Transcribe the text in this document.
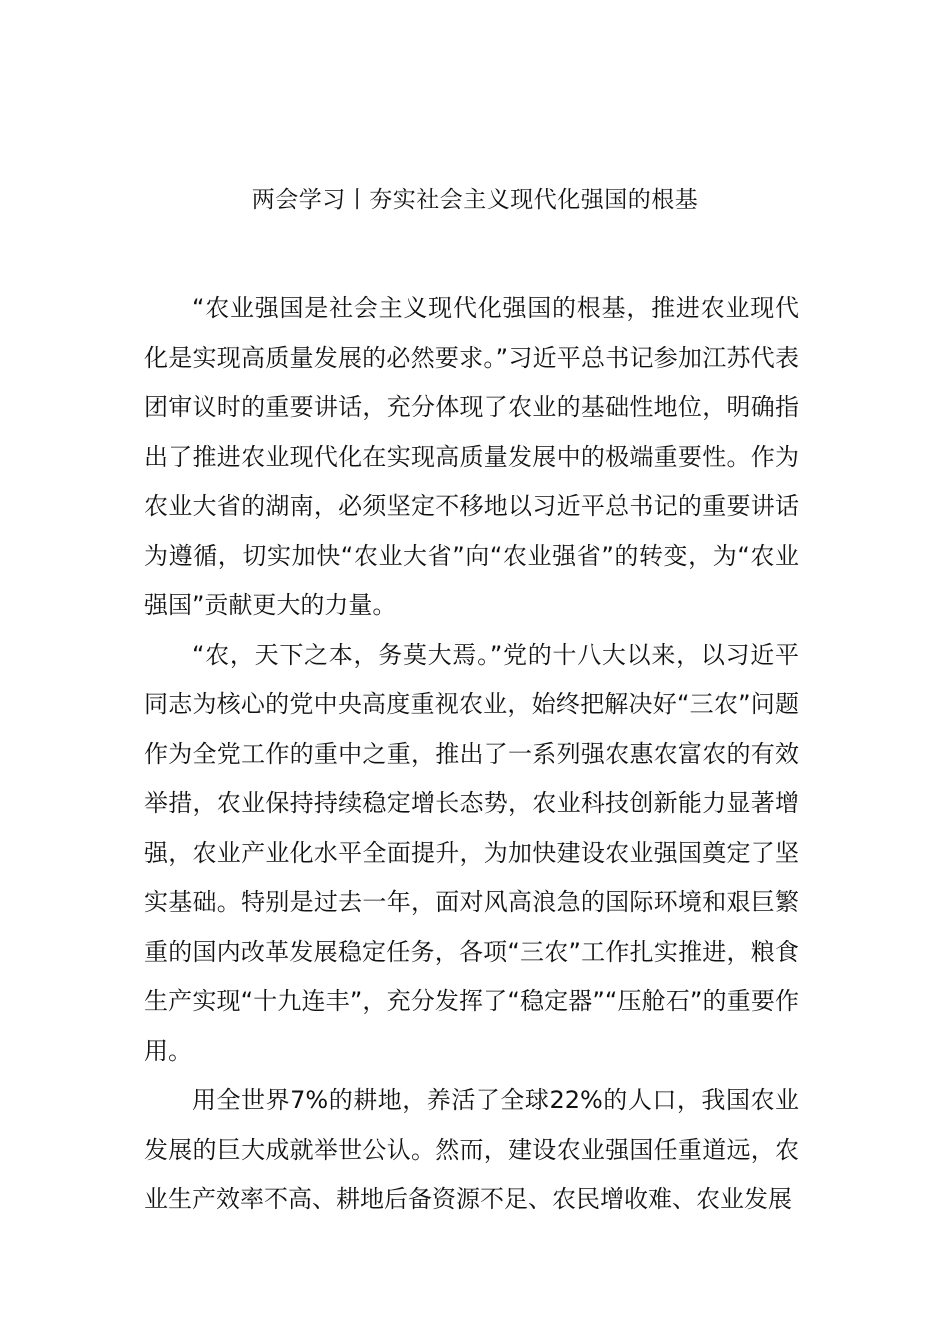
两会学习丨夯实社会主义现代化强国的根基

“农业强国是社会主义现代化强国的根基，推进农业现代化是实现高质量发展的必然要求。”习近平总书记参加江苏代表团审议时的重要讲话，充分体现了农业的基础性地位，明确指出了推进农业现代化在实现高质量发展中的极端重要性。作为农业大省的湖南，必须坚定不移地以习近平总书记的重要讲话为遵循，切实加快“农业大省”向“农业强省”的转变，为“农业强国”贡献更大的力量。

“农，天下之本，务莫大焉。”党的十八大以来，以习近平同志为核心的党中央高度重视农业，始终把解决好“三农”问题作为全党工作的重中之重，推出了一系列强农惠农富农的有效举措，农业保持持续稳定增长态势，农业科技创新能力显著增强，农业产业化水平全面提升，为加快建设农业强国奠定了坚实基础。特别是过去一年，面对风高浪急的国际环境和艰巨繁重的国内改革发展稳定任务，各项“三农”工作扎实推进，粮食生产实现“十九连丰”，充分发挥了“稳定器”“压舱石”的重要作用。

用全世界7%的耕地，养活了全球22%的人口，我国农业发展的巨大成就举世公认。然而，建设农业强国任重道远，农业生产效率不高、耕地后备资源不足、农民增收难、农业发展
